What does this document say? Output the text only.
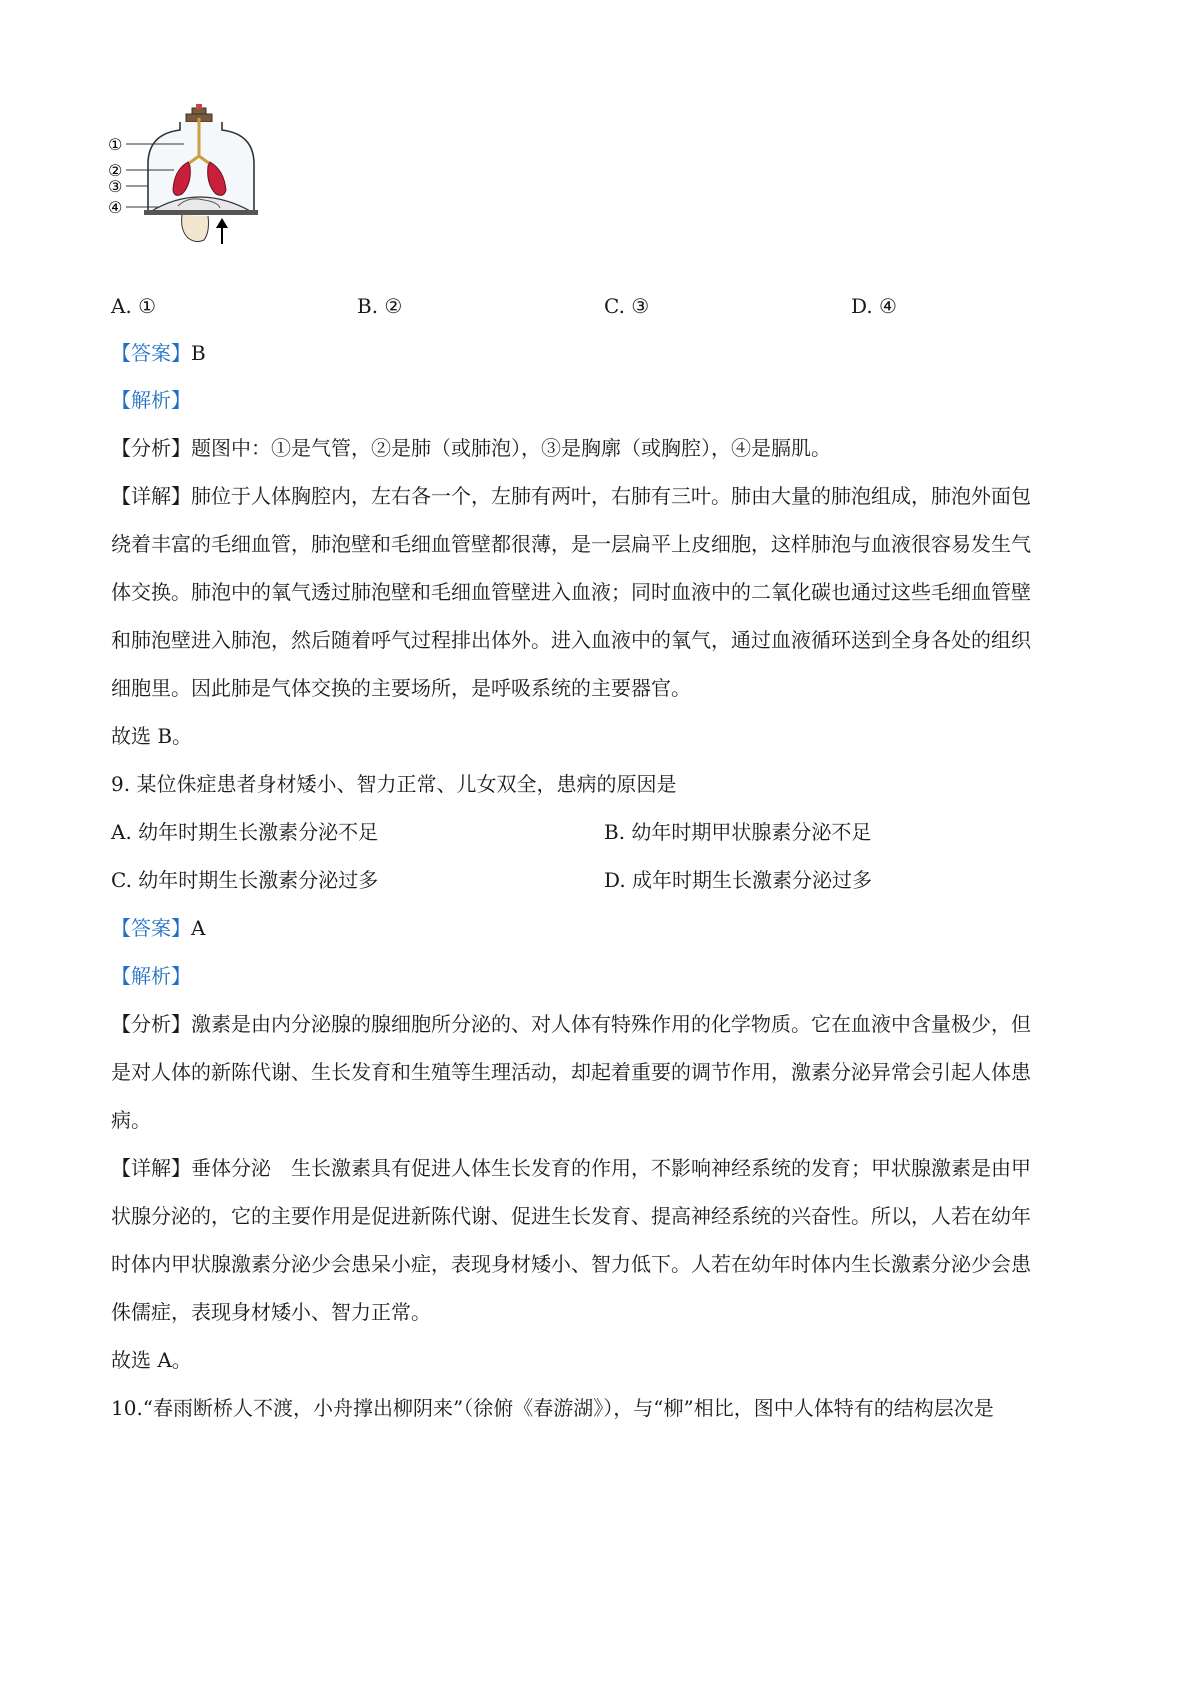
①
②
③
④
A. ①	B. ②	C. ③	D. ④
【答案】B
【解析】
【分析】题图中：①是气管，②是肺（或肺泡），③是胸廓（或胸腔），④是膈肌。
【详解】肺位于人体胸腔内，左右各一个，左肺有两叶，右肺有三叶。肺由大量的肺泡组成，肺泡外面包
绕着丰富的毛细血管，肺泡壁和毛细血管壁都很薄，是一层扁平上皮细胞，这样肺泡与血液很容易发生气
体交换。肺泡中的氧气透过肺泡壁和毛细血管壁进入血液；同时血液中的二氧化碳也通过这些毛细血管壁
和肺泡壁进入肺泡，然后随着呼气过程排出体外。进入血液中的氧气，通过血液循环送到全身各处的组织
细胞里。因此肺是气体交换的主要场所，是呼吸系统的主要器官。
故选 B。
9. 某位侏症患者身材矮小、智力正常、儿女双全，患病的原因是
A. 幼年时期生长激素分泌不足	B. 幼年时期甲状腺素分泌不足
C. 幼年时期生长激素分泌过多	D. 成年时期生长激素分泌过多
【答案】A
【解析】
【分析】激素是由内分泌腺的腺细胞所分泌的、对人体有特殊作用的化学物质。它在血液中含量极少，但
是对人体的新陈代谢、生长发育和生殖等生理活动，却起着重要的调节作用，激素分泌异常会引起人体患
病。
【详解】垂体分泌　生长激素具有促进人体生长发育的作用，不影响神经系统的发育；甲状腺激素是由甲
状腺分泌的，它的主要作用是促进新陈代谢、促进生长发育、提高神经系统的兴奋性。所以，人若在幼年
时体内甲状腺激素分泌少会患呆小症，表现身材矮小、智力低下。人若在幼年时体内生长激素分泌少会患
侏儒症，表现身材矮小、智力正常。
故选 A。
10.“春雨断桥人不渡，小舟撑出柳阴来”（徐俯《春游湖》），与“柳”相比，图中人体特有的结构层次是
